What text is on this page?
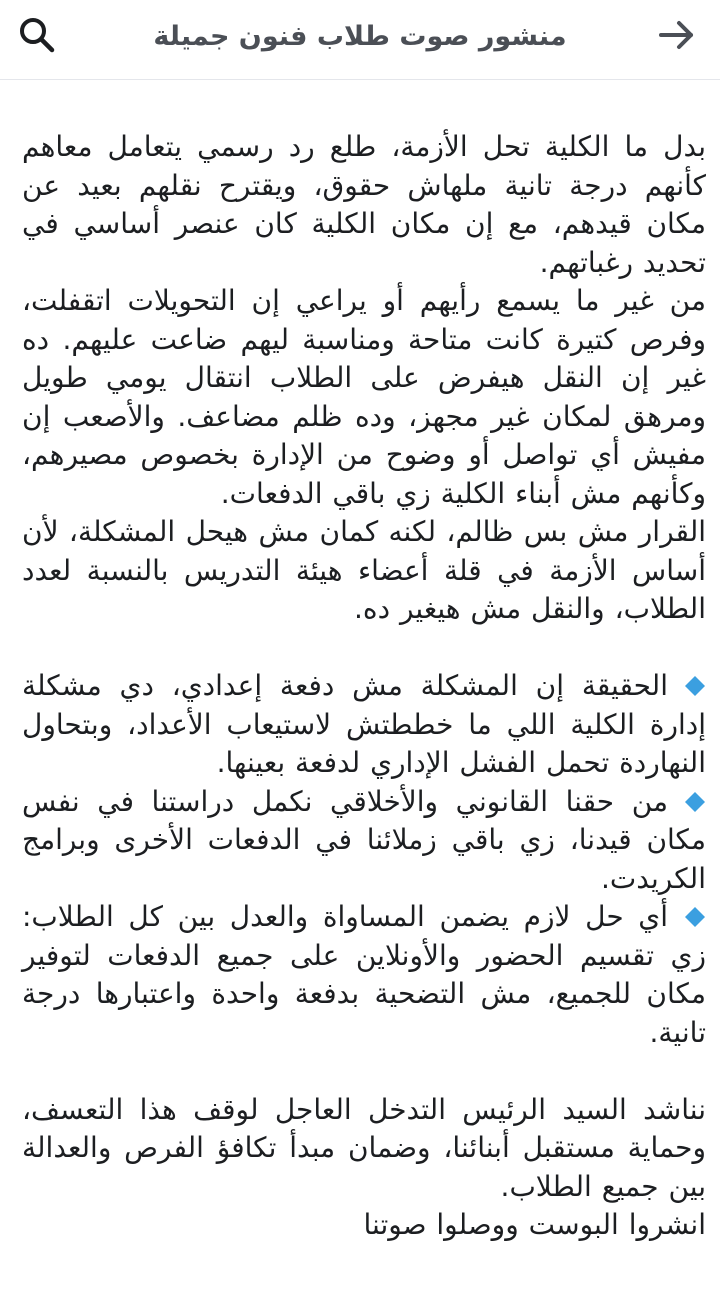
منشور صوت طلاب فنون جميلة

بدل ما الكلية تحل الأزمة، طلع رد رسمي يتعامل معاهم كأنهم درجة تانية ملهاش حقوق، ويقترح نقلهم بعيد عن مكان قيدهم، مع إن مكان الكلية كان عنصر أساسي في تحديد رغباتهم.

من غير ما يسمع رأيهم أو يراعي إن التحويلات اتقفلت، وفرص كتيرة كانت متاحة ومناسبة ليهم ضاعت عليهم. ده غير إن النقل هيفرض على الطلاب انتقال يومي طويل ومرهق لمكان غير مجهز، وده ظلم مضاعف. والأصعب إن مفيش أي تواصل أو وضوح من الإدارة بخصوص مصيرهم، وكأنهم مش أبناء الكلية زي باقي الدفعات.

القرار مش بس ظالم، لكنه كمان مش هيحل المشكلة، لأن أساس الأزمة في قلة أعضاء هيئة التدريس بالنسبة لعدد الطلاب، والنقل مش هيغير ده.

الحقيقة إن المشكلة مش دفعة إعدادي، دي مشكلة إدارة الكلية اللي ما خططتش لاستيعاب الأعداد، وبتحاول النهاردة تحمل الفشل الإداري لدفعة بعينها.

من حقنا القانوني والأخلاقي نكمل دراستنا في نفس مكان قيدنا، زي باقي زملائنا في الدفعات الأخرى وبرامج الكريدت.

أي حل لازم يضمن المساواة والعدل بين كل الطلاب: زي تقسيم الحضور والأونلاين على جميع الدفعات لتوفير مكان للجميع، مش التضحية بدفعة واحدة واعتبارها درجة تانية.

نناشد السيد الرئيس التدخل العاجل لوقف هذا التعسف، وحماية مستقبل أبنائنا، وضمان مبدأ تكافؤ الفرص والعدالة بين جميع الطلاب.

انشروا البوست ووصلوا صوتنا
